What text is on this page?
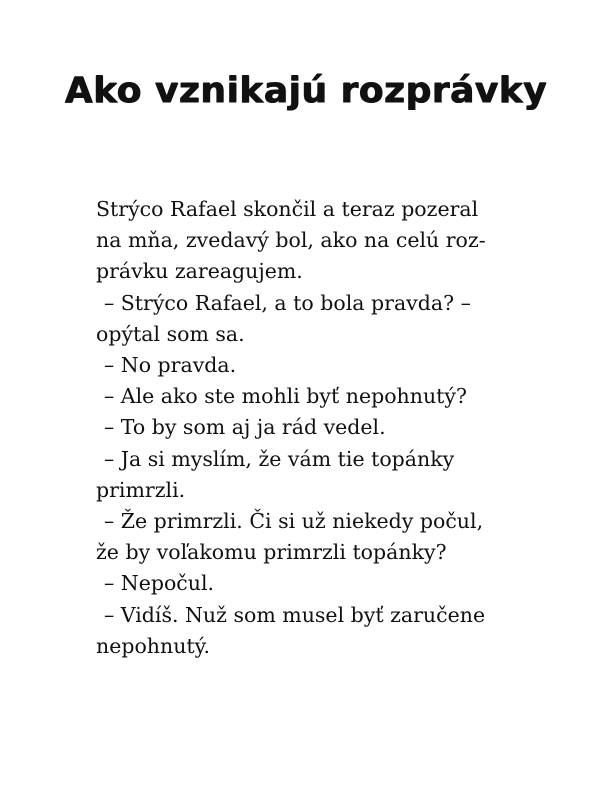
Ako vznikajú rozprávky
Strýco Rafael skončil a teraz pozeral
na mňa, zvedavý bol, ako na celú roz-
právku zareagujem.
– Strýco Rafael, a to bola pravda? –
opýtal som sa.
– No pravda.
– Ale ako ste mohli byť nepohnutý?
– To by som aj ja rád vedel.
– Ja si myslím, že vám tie topánky
primrzli.
– Že primrzli. Či si už niekedy počul,
že by voľakomu primrzli topánky?
– Nepočul.
– Vidíš. Nuž som musel byť zaručene
nepohnutý.
